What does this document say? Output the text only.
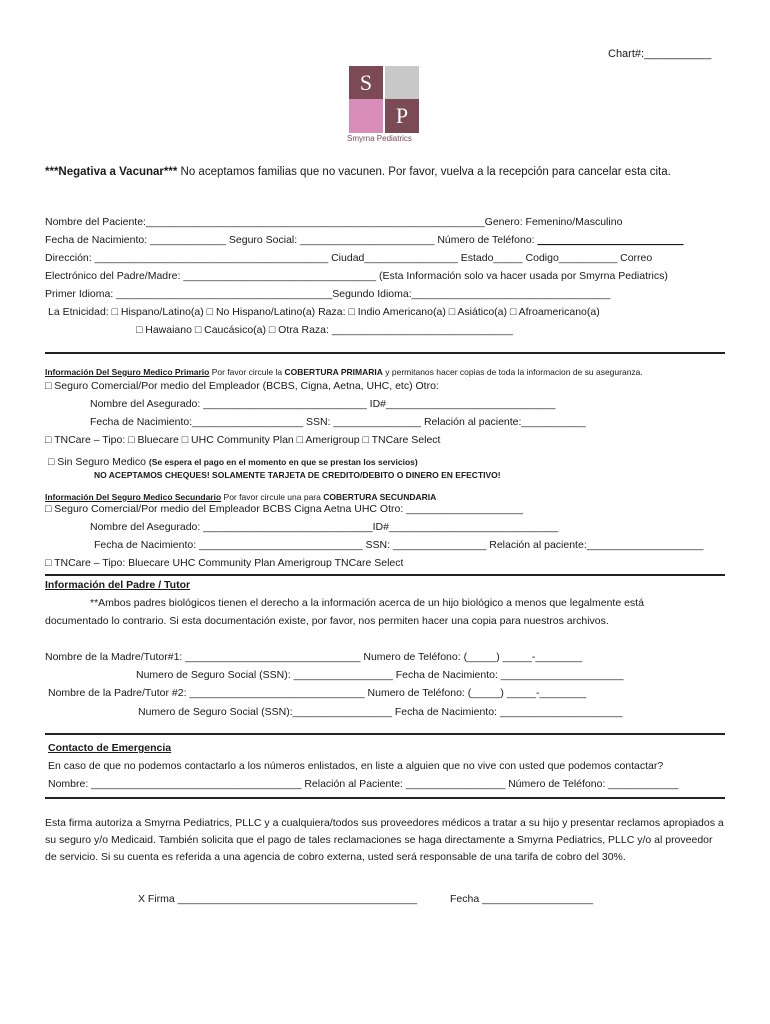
Chart#:___________
S
P
Smyrna Pediatrics
***Negativa a Vacunar*** No aceptamos familias que no vacunen. Por favor, vuelva a la recepción para cancelar esta cita.
Nombre del Paciente:__________________________________________________________Genero: Femenino/Masculino
Fecha de Nacimiento: _____________ Seguro Social: _______________________ Número de Teléfono: _________________________
Dirección: ________________________________________ Ciudad________________ Estado_____ Codigo__________ Correo
Electrónico del Padre/Madre: _________________________________ (Esta Información solo va hacer usada por Smyrna Pediatrics)
Primer Idioma: _____________________________________Segundo Idioma:__________________________________
La Etnicidad: □ Hispano/Latino(a) □ No Hispano/Latino(a) Raza: □ Indio Americano(a) □ Asiático(a) □ Afroamericano(a)
□ Hawaiano □ Caucásico(a) □ Otra Raza: _______________________________
Información Del Seguro Medico Primario Por favor circule la COBERTURA PRIMARIA y permitanos hacer copias de toda la informacion de su aseguranza.
□ Seguro Comercial/Por medio del Empleador (BCBS, Cigna, Aetna, UHC, etc) Otro:
Nombre del Asegurado: ____________________________ ID#_____________________________
Fecha de Nacimiento:___________________ SSN: _______________ Relación al paciente:___________
□ TNCare – Tipo: □ Bluecare □ UHC Community Plan □ Amerigroup □ TNCare Select
□ Sin Seguro Medico (Se espera el pago en el momento en que se prestan los servicios)
NO ACEPTAMOS CHEQUES! SOLAMENTE TARJETA DE CREDITO/DEBITO O DINERO EN EFECTIVO!
Información Del Seguro Medico Secundario Por favor circule una para COBERTURA SECUNDARIA
□ Seguro Comercial/Por medio del Empleador BCBS Cigna Aetna UHC Otro: ____________________
Nombre del Asegurado: _____________________________ID#_____________________________
Fecha de Nacimiento: ____________________________ SSN: ________________ Relación al paciente:____________________
□ TNCare – Tipo: Bluecare UHC Community Plan Amerigroup TNCare Select
Información del Padre / Tutor
**Ambos padres biológicos tienen el derecho a la información acerca de un hijo biológico a menos que legalmente está
documentado lo contrario. Si esta documentación existe, por favor, nos permiten hacer una copia para nuestros archivos.
Nombre de la Madre/Tutor#1: ______________________________ Numero de Teléfono: (_____) _____-________
Numero de Seguro Social (SSN): _________________ Fecha de Nacimiento: _____________________
Nombre de la Padre/Tutor #2: ______________________________ Numero de Teléfono: (_____) _____-________
Numero de Seguro Social (SSN):_________________ Fecha de Nacimiento: _____________________
Contacto de Emergencia
En caso de que no podemos contactarlo a los números enlistados, en liste a alguien que no vive con usted que podemos contactar?
Nombre: ____________________________________ Relación al Paciente: _________________ Número de Teléfono: ____________
Esta firma autoriza a Smyrna Pediatrics, PLLC y a cualquiera/todos sus proveedores médicos a tratar a su hijo y presentar reclamos apropiados a su seguro y/o Medicaid. También solicita que el pago de tales reclamaciones se haga directamente a Smyrna Pediatrics, PLLC y/o al proveedor de servicio. Si su cuenta es referida a una agencia de cobro externa, usted será responsable de una tarifa de cobro del 30%.
X Firma _________________________________________	Fecha ___________________
